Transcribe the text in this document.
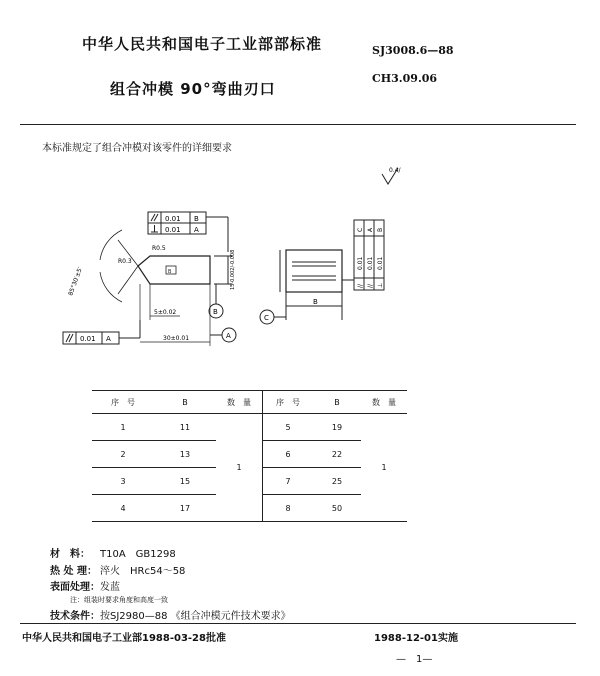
中华人民共和国电子工业部部标准	SJ3008.6—88
组合冲模 90°弯曲刃口
CH3.09.06
本标准规定了组合冲模对该零件的详细要求
0.4/
0.01 B
0.01 A
B
85°30′±5′
R0.3
R0.5
15-0.002/-0.008
B
5±0.02
0.01 A	30±0.01	A
B
C
0.01
C
//
0.01
A
//
0.01
B
⊥
序　号	B	数　量	序　号	B	数　量
1	11	1	5	19	1
2	13		6	22	
3	15		7	25	
4	17		8	50	
材　料： T10A　GB1298
热 处 理： 淬火　HRc54～58
表面处理：发蓝
注：组装时要求角度和高度一致
技术条件：按SJ2980—88 《组合冲模元件技术要求》
中华人民共和国电子工业部1988-03-28批准	1988-12-01实施
—　1—
